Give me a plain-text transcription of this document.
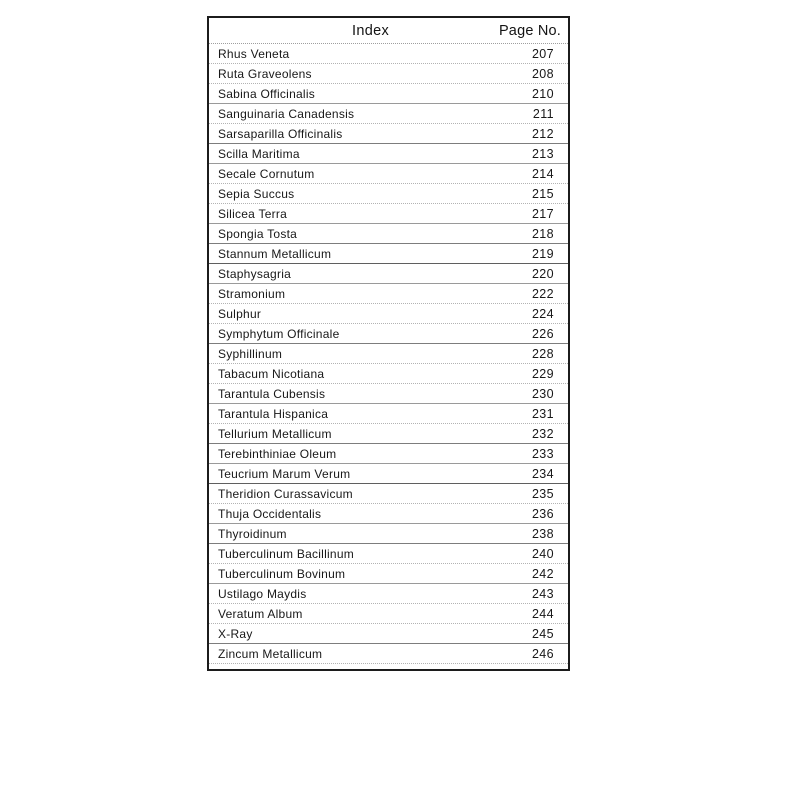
Index	Page No.
Rhus Veneta	207
Ruta Graveolens	208
Sabina Officinalis	210
Sanguinaria Canadensis	211
Sarsaparilla Officinalis	212
Scilla Maritima	213
Secale Cornutum	214
Sepia Succus	215
Silicea Terra	217
Spongia Tosta	218
Stannum Metallicum	219
Staphysagria	220
Stramonium	222
Sulphur	224
Symphytum Officinale	226
Syphillinum	228
Tabacum Nicotiana	229
Tarantula Cubensis	230
Tarantula Hispanica	231
Tellurium Metallicum	232
Terebinthiniae Oleum	233
Teucrium Marum Verum	234
Theridion Curassavicum	235
Thuja Occidentalis	236
Thyroidinum	238
Tuberculinum Bacillinum	240
Tuberculinum Bovinum	242
Ustilago Maydis	243
Veratum Album	244
X-Ray	245
Zincum Metallicum	246
